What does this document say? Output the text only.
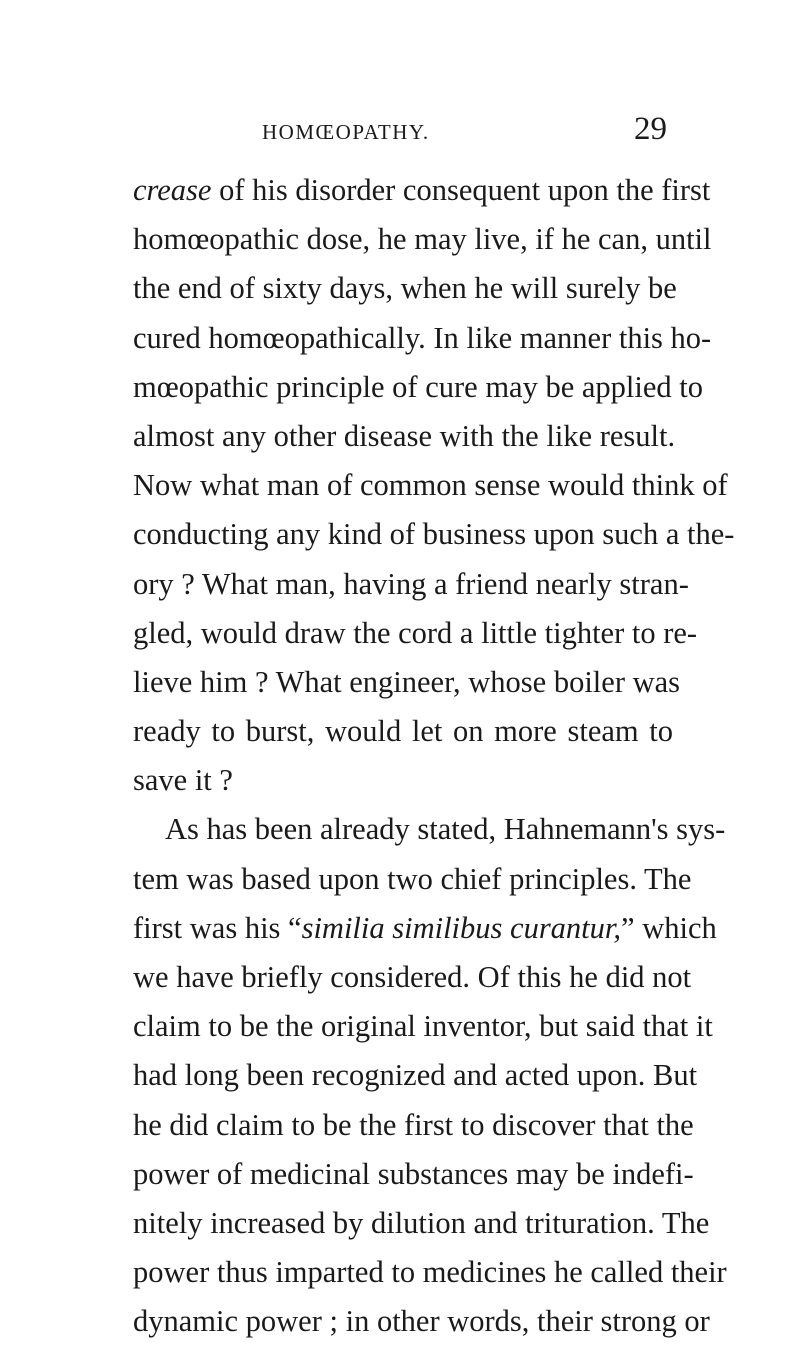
HOMŒOPATHY.	29
crease of his disorder consequent upon the first
homœopathic dose, he may live, if he can, until
the end of sixty days, when he will surely be
cured homœopathically. In like manner this ho-
mœopathic principle of cure may be applied to
almost any other disease with the like result.
Now what man of common sense would think of
conducting any kind of business upon such a the-
ory ? What man, having a friend nearly stran-
gled, would draw the cord a little tighter to re-
lieve him ? What engineer, whose boiler was
ready to burst, would let on more steam to
save it ?
As has been already stated, Hahnemann's sys-
tem was based upon two chief principles. The
first was his “similia similibus curantur,” which
we have briefly considered. Of this he did not
claim to be the original inventor, but said that it
had long been recognized and acted upon. But
he did claim to be the first to discover that the
power of medicinal substances may be indefi-
nitely increased by dilution and trituration. The
power thus imparted to medicines he called their
dynamic power ; in other words, their strong or
